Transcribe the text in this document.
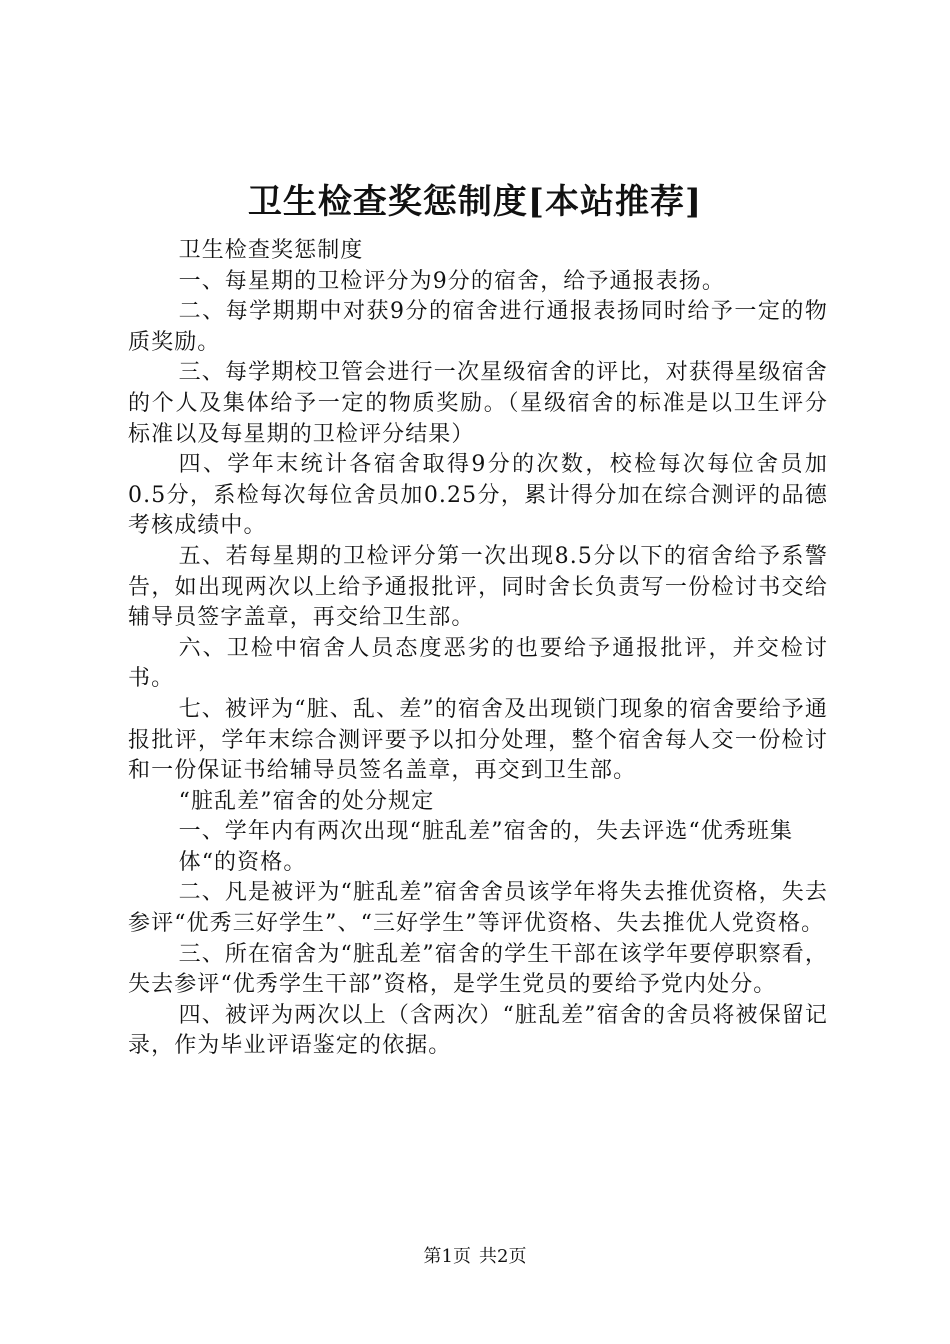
卫生检查奖惩制度[本站推荐]

卫生检查奖惩制度

一、每星期的卫检评分为9分的宿舍，给予通报表扬。

二、每学期期中对获9分的宿舍进行通报表扬同时给予一定的物质奖励。

三、每学期校卫管会进行一次星级宿舍的评比，对获得星级宿舍的个人及集体给予一定的物质奖励。（星级宿舍的标准是以卫生评分标准以及每星期的卫检评分结果）

四、学年末统计各宿舍取得9分的次数，校检每次每位舍员加0.5分，系检每次每位舍员加0.25分，累计得分加在综合测评的品德考核成绩中。

五、若每星期的卫检评分第一次出现8.5分以下的宿舍给予系警告，如出现两次以上给予通报批评，同时舍长负责写一份检讨书交给辅导员签字盖章，再交给卫生部。

六、卫检中宿舍人员态度恶劣的也要给予通报批评，并交检讨书。

七、被评为“脏、乱、差”的宿舍及出现锁门现象的宿舍要给予通报批评，学年末综合测评要予以扣分处理，整个宿舍每人交一份检讨和一份保证书给辅导员签名盖章，再交到卫生部。

“脏乱差”宿舍的处分规定

一、学年内有两次出现“脏乱差”宿舍的，失去评选“优秀班集

体“的资格。

二、凡是被评为“脏乱差”宿舍舍员该学年将失去推优资格，失去参评“优秀三好学生”、“三好学生”等评优资格、失去推优人党资格。

三、所在宿舍为“脏乱差”宿舍的学生干部在该学年要停职察看，失去参评“优秀学生干部”资格，是学生党员的要给予党内处分。

四、被评为两次以上（含两次）“脏乱差”宿舍的舍员将被保留记录，作为毕业评语鉴定的依据。

第1页 共2页
